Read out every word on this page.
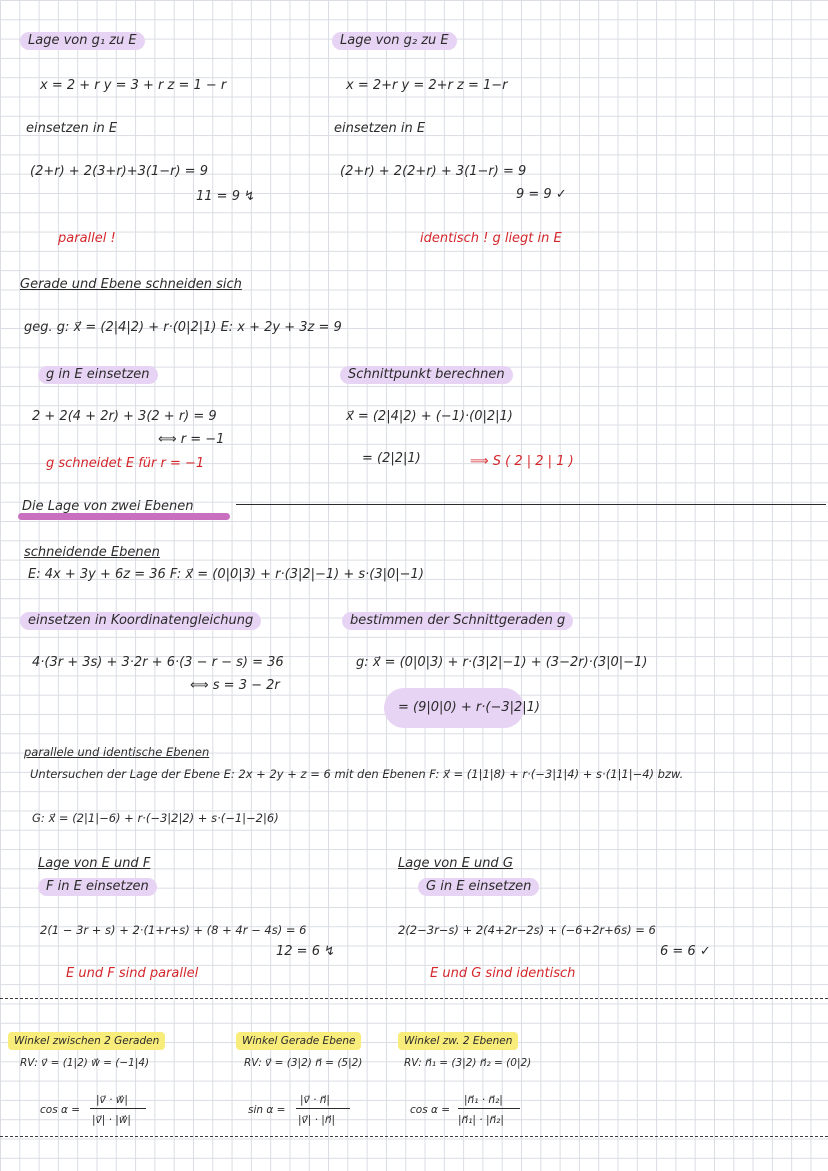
Lage von g₁ zu E
x = 2 + r y = 3 + r z = 1 − r
einsetzen in E
(2+r) + 2(3+r)+3(1−r) = 9
11 = 9 ↯
parallel !
Lage von g₂ zu E
x = 2+r y = 2+r z = 1−r
einsetzen in E
(2+r) + 2(2+r) + 3(1−r) = 9
9 = 9 ✓
identisch ! g liegt in E
Gerade und Ebene schneiden sich
geg. g: x⃗ = (2|4|2) + r·(0|2|1) E: x + 2y + 3z = 9
g in E einsetzen
2 + 2(4 + 2r) + 3(2 + r) = 9
⟺ r = −1
g schneidet E für r = −1
Schnittpunkt berechnen
x⃗ = (2|4|2) + (−1)·(0|2|1)
= (2|2|1)	⟹ S ( 2 | 2 | 1 )
Die Lage von zwei Ebenen
schneidende Ebenen
E: 4x + 3y + 6z = 36 F: x⃗ = (0|0|3) + r·(3|2|−1) + s·(3|0|−1)
einsetzen in Koordinatengleichung
4·(3r + 3s) + 3·2r + 6·(3 − r − s) = 36
⟺ s = 3 − 2r
bestimmen der Schnittgeraden g
g: x⃗ = (0|0|3) + r·(3|2|−1) + (3−2r)·(3|0|−1)
= (9|0|0) + r·(−3|2|1)
parallele und identische Ebenen
Untersuchen der Lage der Ebene E: 2x + 2y + z = 6 mit den Ebenen F: x⃗ = (1|1|8) + r·(−3|1|4) + s·(1|1|−4) bzw.
G: x⃗ = (2|1|−6) + r·(−3|2|2) + s·(−1|−2|6)
Lage von E und F
F in E einsetzen
2(1 − 3r + s) + 2·(1+r+s) + (8 + 4r − 4s) = 6
12 = 6 ↯
E und F sind parallel
Lage von E und G
G in E einsetzen
2(2−3r−s) + 2(4+2r−2s) + (−6+2r+6s) = 6
6 = 6 ✓
E und G sind identisch
Winkel zwischen 2 Geraden
RV: v⃗ = (1|2) w⃗ = (−1|4)
cos α =
|v⃗ · w⃗|
|v⃗| · |w⃗|
Winkel Gerade Ebene
RV: v⃗ = (3|2) n⃗ = (5|2)
sin α =
|v⃗ · n⃗|
|v⃗| · |n⃗|
Winkel zw. 2 Ebenen
RV: n⃗₁ = (3|2) n⃗₂ = (0|2)
cos α =
|n⃗₁ · n⃗₂|
|n⃗₁| · |n⃗₂|
